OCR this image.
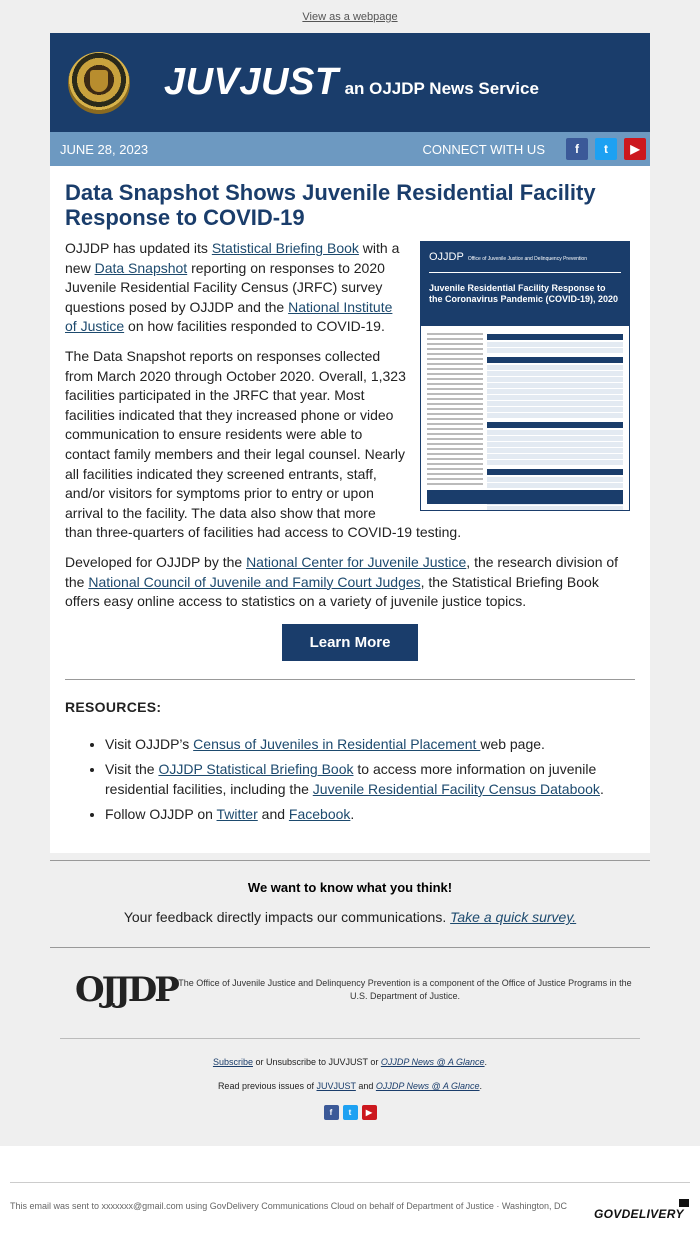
View as a webpage
JUVJUST an OJJDP News Service
JUNE 28, 2023	CONNECT WITH US	f	t	▶
Data Snapshot Shows Juvenile Residential Facility Response to COVID-19
OJJDP Office of Juvenile Justice and Delinquency Prevention
Juvenile Residential Facility Response to the Coronavirus Pandemic (COVID-19), 2020

OJJDP has updated its Statistical Briefing Book with a new Data Snapshot reporting on responses to 2020 Juvenile Residential Facility Census (JRFC) survey questions posed by OJJDP and the National Institute of Justice on how facilities responded to COVID-19.

The Data Snapshot reports on responses collected from March 2020 through October 2020. Overall, 1,323 facilities participated in the JRFC that year. Most facilities indicated that they increased phone or video communication to ensure residents were able to contact family members and their legal counsel. Nearly all facilities indicated they screened entrants, staff, and/or visitors for symptoms prior to entry or upon arrival to the facility. The data also show that more than three-quarters of facilities had access to COVID-19 testing.

Developed for OJJDP by the National Center for Juvenile Justice, the research division of the National Council of Juvenile and Family Court Judges, the Statistical Briefing Book offers easy online access to statistics on a variety of juvenile justice topics.

Learn More
RESOURCES:
• Visit OJJDP’s Census of Juveniles in Residential Placement web page.
• Visit the OJJDP Statistical Briefing Book to access more information on juvenile residential facilities, including the Juvenile Residential Facility Census Databook.
• Follow OJJDP on Twitter and Facebook.
We want to know what you think!
Your feedback directly impacts our communications. Take a quick survey.
OJJDP The Office of Juvenile Justice and Delinquency Prevention is a component of the Office of Justice Programs in the U.S. Department of Justice.
Subscribe or Unsubscribe to JUVJUST or OJJDP News @ A Glance.
Read previous issues of JUVJUST and OJJDP News @ A Glance.
f t ▶
This email was sent to xxxxxxx@gmail.com using GovDelivery Communications Cloud on behalf of Department of Justice · Washington, DC
GOVDELIVERY
